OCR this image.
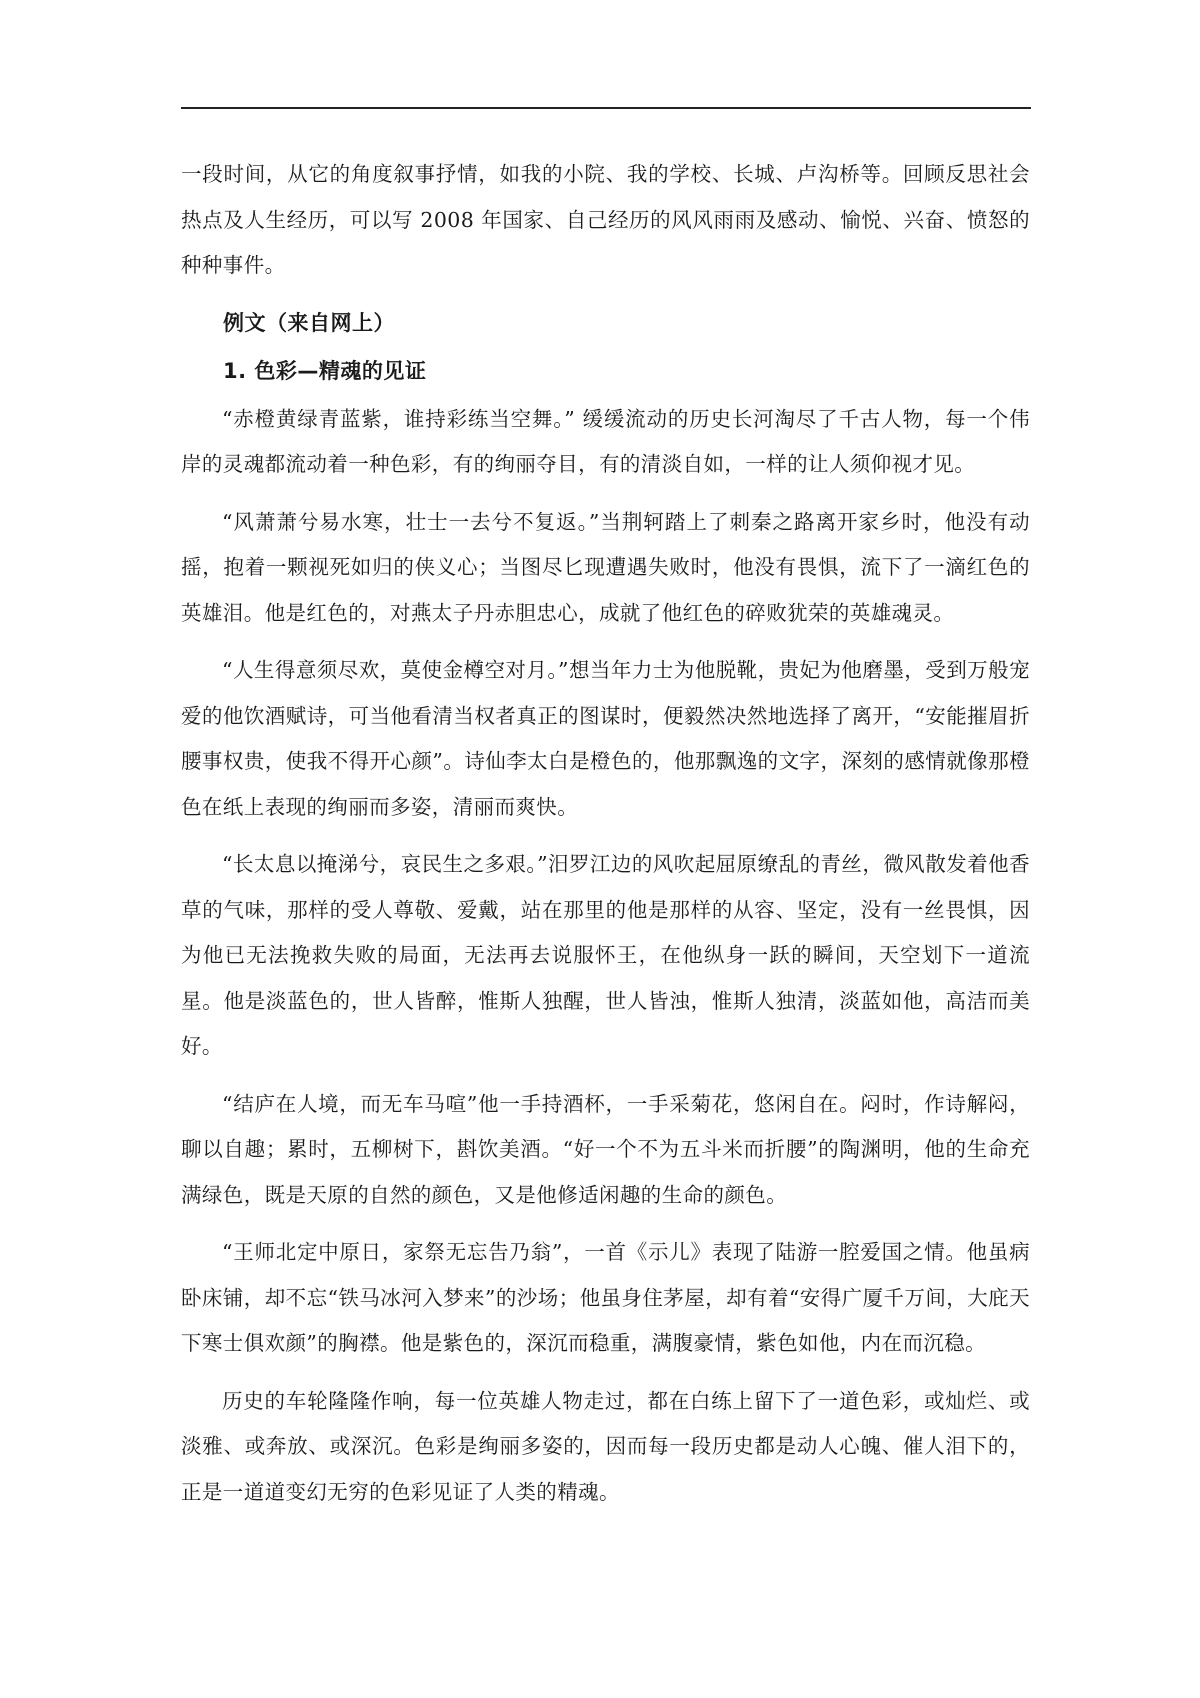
一段时间，从它的角度叙事抒情，如我的小院、我的学校、长城、卢沟桥等。回顾反思社会热点及人生经历，可以写 2008 年国家、自己经历的风风雨雨及感动、愉悦、兴奋、愤怒的种种事件。

例文（来自网上）

1. 色彩—精魂的见证

“赤橙黄绿青蓝紫，谁持彩练当空舞。” 缓缓流动的历史长河淘尽了千古人物，每一个伟岸的灵魂都流动着一种色彩，有的绚丽夺目，有的清淡自如，一样的让人须仰视才见。

“风萧萧兮易水寒，壮士一去兮不复返。”当荆轲踏上了刺秦之路离开家乡时，他没有动摇，抱着一颗视死如归的侠义心；当图尽匕现遭遇失败时，他没有畏惧，流下了一滴红色的英雄泪。他是红色的，对燕太子丹赤胆忠心，成就了他红色的碎败犹荣的英雄魂灵。

“人生得意须尽欢，莫使金樽空对月。”想当年力士为他脱靴，贵妃为他磨墨，受到万般宠爱的他饮酒赋诗，可当他看清当权者真正的图谋时，便毅然决然地选择了离开，“安能摧眉折腰事权贵，使我不得开心颜”。诗仙李太白是橙色的，他那飘逸的文字，深刻的感情就像那橙色在纸上表现的绚丽而多姿，清丽而爽快。

“长太息以掩涕兮，哀民生之多艰。”汨罗江边的风吹起屈原缭乱的青丝，微风散发着他香草的气味，那样的受人尊敬、爱戴，站在那里的他是那样的从容、坚定，没有一丝畏惧，因为他已无法挽救失败的局面，无法再去说服怀王，在他纵身一跃的瞬间，天空划下一道流星。他是淡蓝色的，世人皆醉，惟斯人独醒，世人皆浊，惟斯人独清，淡蓝如他，高洁而美好。

“结庐在人境，而无车马喧”他一手持酒杯，一手采菊花，悠闲自在。闷时，作诗解闷，聊以自趣；累时，五柳树下，斟饮美酒。“好一个不为五斗米而折腰”的陶渊明，他的生命充满绿色，既是天原的自然的颜色，又是他修适闲趣的生命的颜色。

“王师北定中原日，家祭无忘告乃翁”，一首《示儿》表现了陆游一腔爱国之情。他虽病卧床铺，却不忘“铁马冰河入梦来”的沙场；他虽身住茅屋，却有着“安得广厦千万间，大庇天下寒士俱欢颜”的胸襟。他是紫色的，深沉而稳重，满腹豪情，紫色如他，内在而沉稳。

历史的车轮隆隆作响，每一位英雄人物走过，都在白练上留下了一道色彩，或灿烂、或淡雅、或奔放、或深沉。色彩是绚丽多姿的，因而每一段历史都是动人心魄、催人泪下的，正是一道道变幻无穷的色彩见证了人类的精魂。
